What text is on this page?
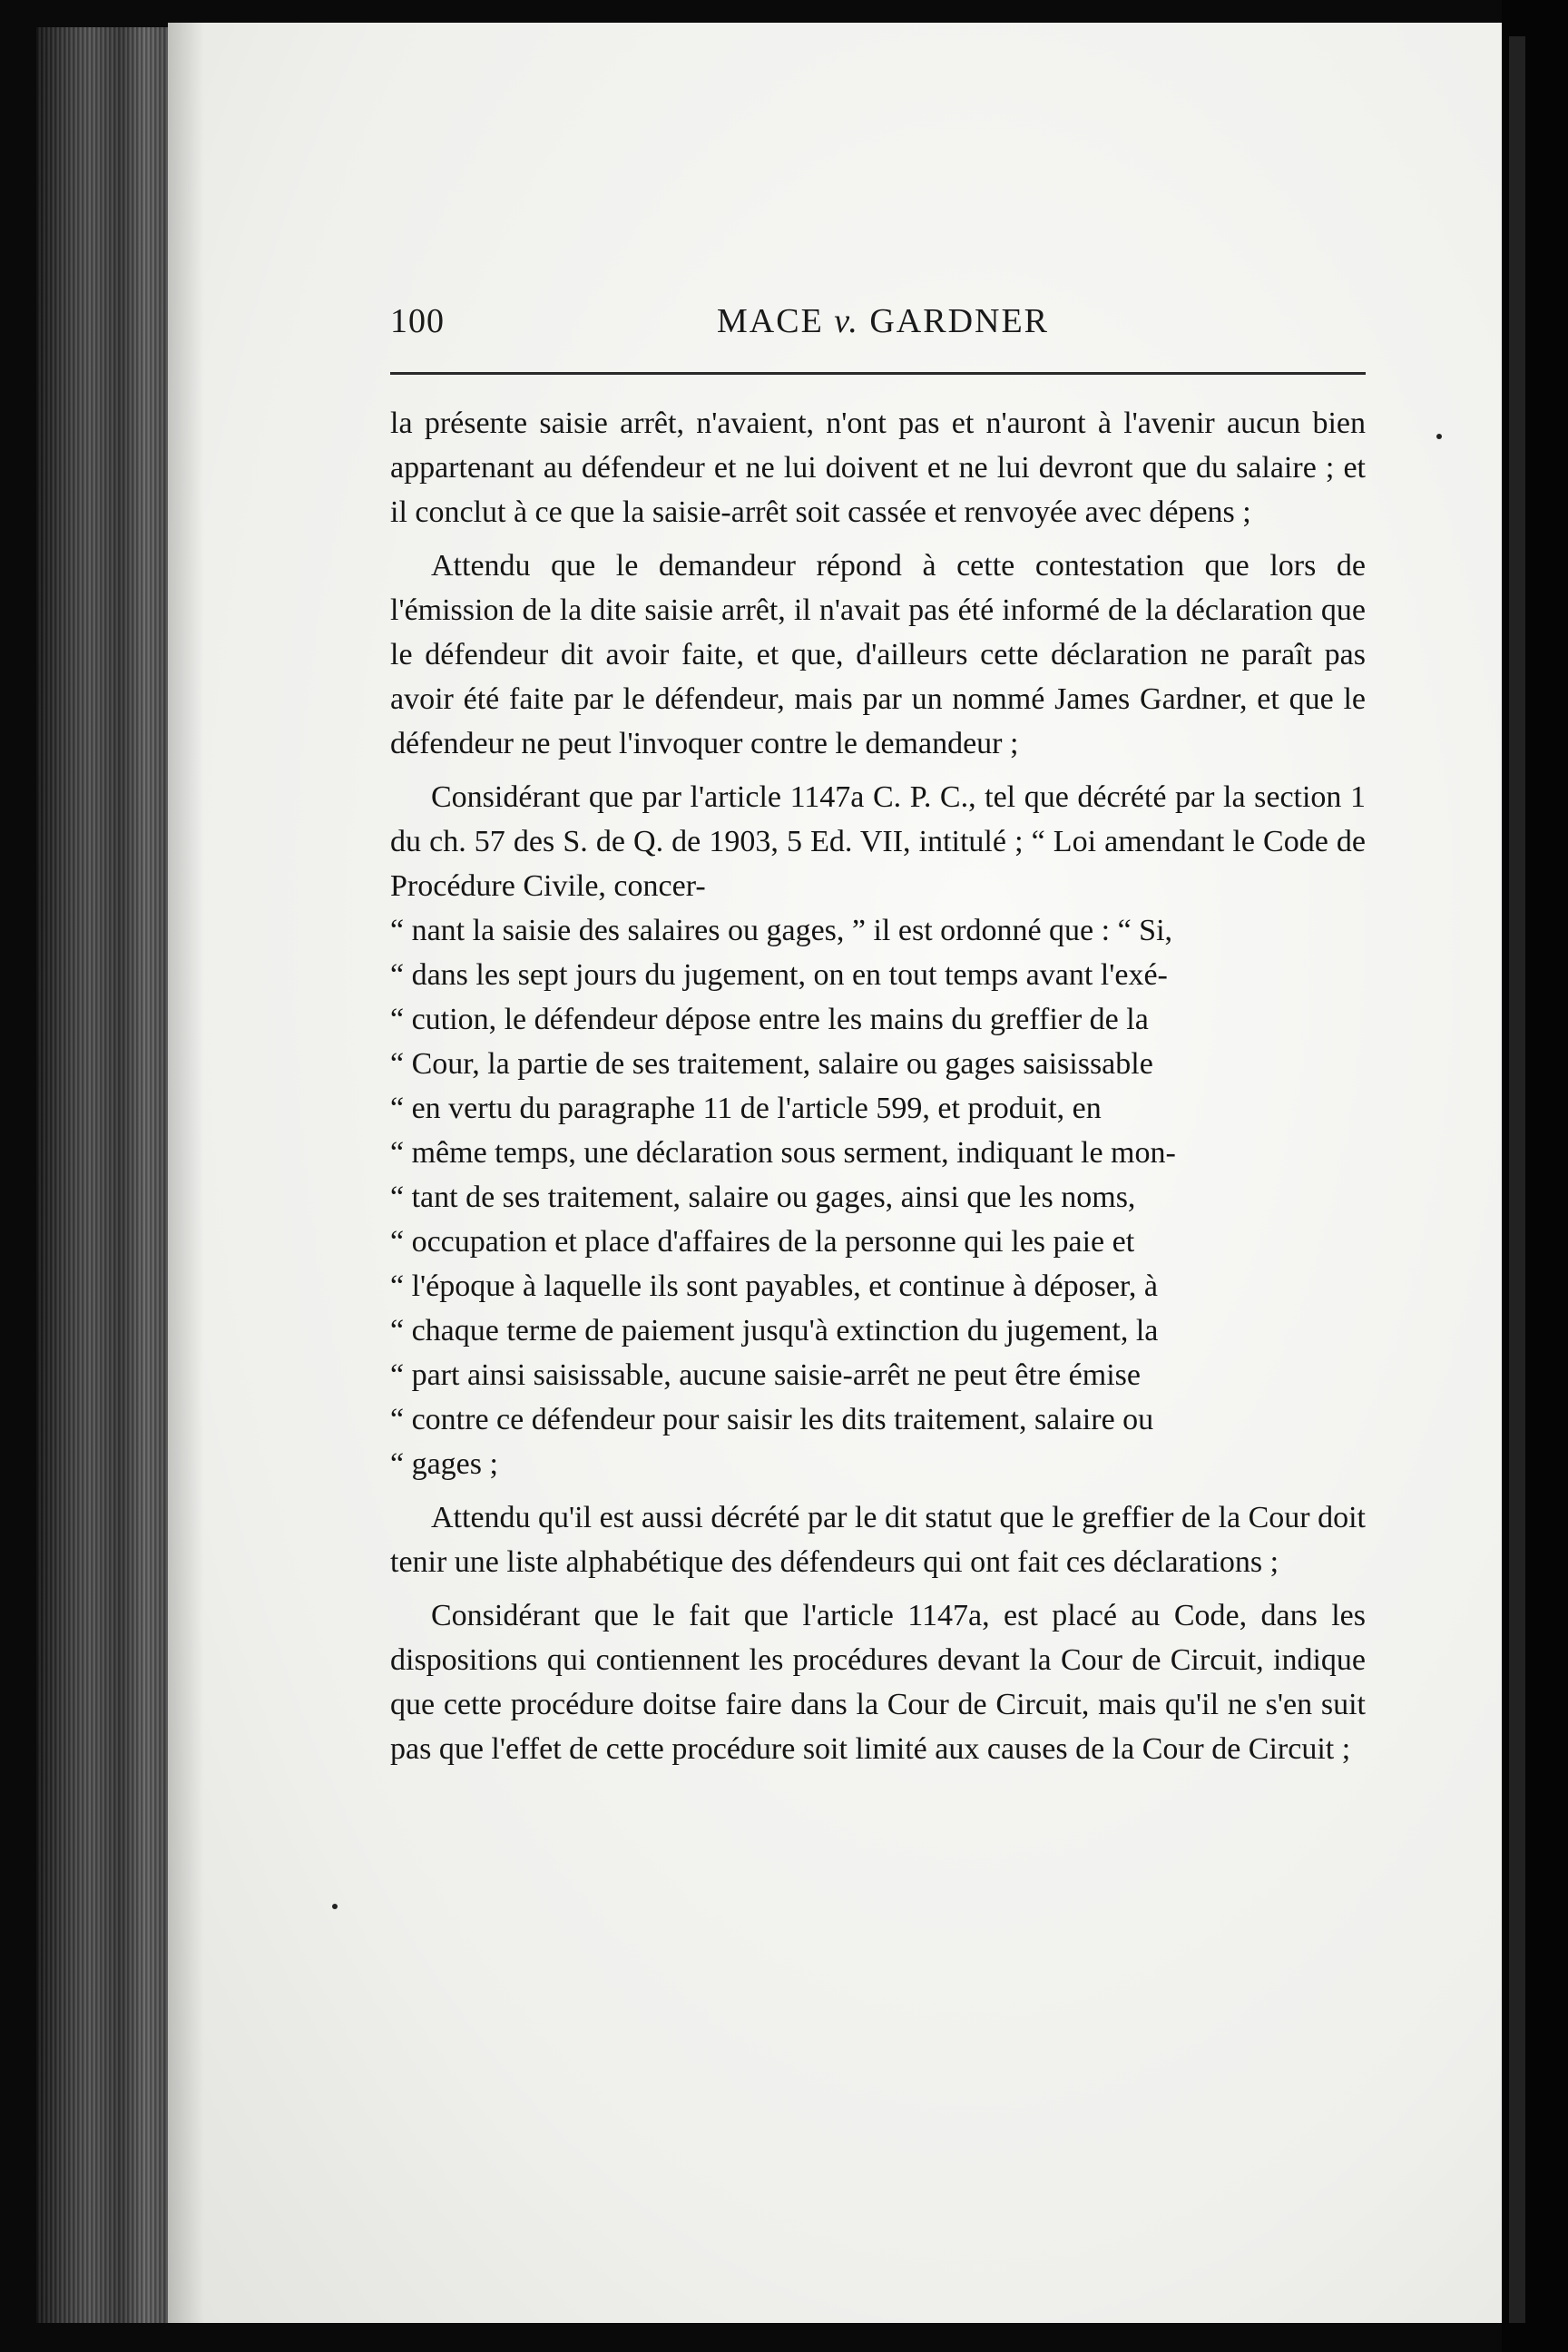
100	MACE v. GARDNER

la présente saisie arrêt, n'avaient, n'ont pas et n'auront à l'avenir aucun bien appartenant au défendeur et ne lui doivent et ne lui devront que du salaire ; et il conclut à ce que la saisie-arrêt soit cassée et renvoyée avec dépens ;

Attendu que le demandeur répond à cette contestation que lors de l'émission de la dite saisie arrêt, il n'avait pas été informé de la déclaration que le défendeur dit avoir faite, et que, d'ailleurs cette déclaration ne paraît pas avoir été faite par le défendeur, mais par un nommé James Gardner, et que le défendeur ne peut l'invoquer contre le demandeur ;

Considérant que par l'article 1147a C. P. C., tel que décrété par la section 1 du ch. 57 des S. de Q. de 1903, 5 Ed. VII, intitulé ; “ Loi amendant le Code de Procédure Civile, concer-

“ nant la saisie des salaires ou gages, ” il est ordonné que : “ Si,

“ dans les sept jours du jugement, on en tout temps avant l'exé-

“ cution, le défendeur dépose entre les mains du greffier de la

“ Cour, la partie de ses traitement, salaire ou gages saisissable

“ en vertu du paragraphe 11 de l'article 599, et produit, en

“ même temps, une déclaration sous serment, indiquant le mon-

“ tant de ses traitement, salaire ou gages, ainsi que les noms,

“ occupation et place d'affaires de la personne qui les paie et

“ l'époque à laquelle ils sont payables, et continue à déposer, à

“ chaque terme de paiement jusqu'à extinction du jugement, la

“ part ainsi saisissable, aucune saisie-arrêt ne peut être émise

“ contre ce défendeur pour saisir les dits traitement, salaire ou

“ gages ;

Attendu qu'il est aussi décrété par le dit statut que le greffier de la Cour doit tenir une liste alphabétique des défendeurs qui ont fait ces déclarations ;

Considérant que le fait que l'article 1147a, est placé au Code, dans les dispositions qui contiennent les procédures devant la Cour de Circuit, indique que cette procédure doitse faire dans la Cour de Circuit, mais qu'il ne s'en suit pas que l'effet de cette procédure soit limité aux causes de la Cour de Circuit ;
